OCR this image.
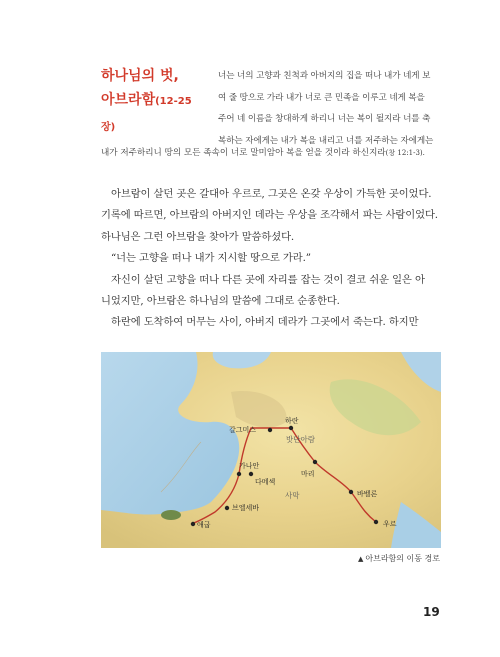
하나님의 벗,
아브라함(12-25장)

너는 너의 고향과 친척과 아버지의 집을 떠나 내가 네게 보

여 줄 땅으로 가라 내가 너로 큰 민족을 이루고 네게 복을

주어 네 이름을 창대하게 하리니 너는 복이 될지라 너를 축

복하는 자에게는 내가 복을 내리고 너를 저주하는 자에게는

내가 저주하리니 땅의 모든 족속이 너로 말미암아 복을 얻을 것이라 하신지라(창 12:1-3).

아브람이 살던 곳은 갈대아 우르로, 그곳은 온갖 우상이 가득한 곳이었다.

기록에 따르면, 아브람의 아버지인 데라는 우상을 조각해서 파는 사람이었다.

하나님은 그런 아브람을 찾아가 말씀하셨다.

“너는 고향을 떠나 내가 지시할 땅으로 가라.”

자신이 살던 고향을 떠나 다른 곳에 자리를 잡는 것이 결코 쉬운 일은 아

니었지만, 아브람은 하나님의 말씀에 그대로 순종한다.

하란에 도착하여 머무는 사이, 아버지 데라가 그곳에서 죽는다. 하지만

갈그미스
하란
밧단아람
마리
가나안
다메섹
사막	바벨론
브엘세바
애굽	우르
▲ 아브라함의 이동 경로
19
